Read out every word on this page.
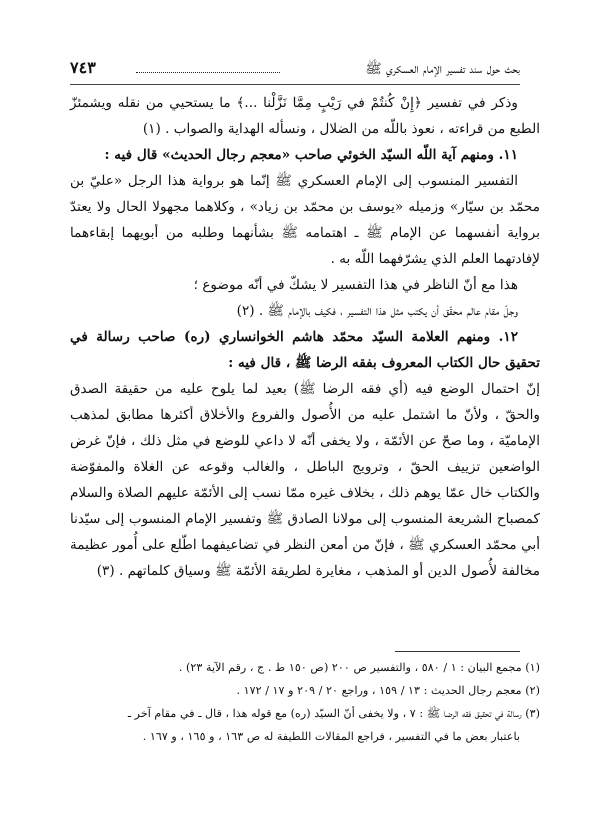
بحث حول سند تفسير الإمام العسكري ﷺ
٧٤٣

وذكر في تفسير ﴿إِنْ كُنتُمْ في رَيْبٍ مِمَّا نَزَّلْنا ...﴾ ما يستحيي من نقله ويشمئزّ الطبع من قراءته ، نعوذ باللّه من الضلال ، ونسأله الهداية والصواب . (١)

١١. ومنهم آية اللّه السيّد الخوئي صاحب «معجم رجال الحديث» قال فيه :

التفسير المنسوب إلى الإمام العسكري ﷺ إنّما هو برواية هذا الرجل «عليّ بن محمّد بن سيّار» وزميله «يوسف بن محمّد بن زياد» ، وكلاهما مجهولا الحال ولا يعتدّ برواية أنفسهما عن الإمام ﷺ ـ اهتمامه ﷺ بشأنهما وطلبه من أبويهما إبقاءهما لإفادتهما العلم الذي يشرّفهما اللّه به .

هذا مع أنّ الناظر في هذا التفسير لا يشكّ في أنّه موضوع ؛

وجلّ مقام عالم محقّق أن يكتب مثل هذا التفسير ، فكيف بالإمام ﷺ . (٢)

١٢. ومنهم العلامة السيّد محمّد هاشم الخوانساري (ره) صاحب رسالة في تحقيق حال الكتاب المعروف بفقه الرضا ﷺ ، قال فيه :

إنّ احتمال الوضع فيه (أي فقه الرضا ﷺ) بعيد لما يلوح عليه من حقيقة الصدق والحقّ ، ولأنّ ما اشتمل عليه من الأُصول والفروع والأخلاق أكثرها مطابق لمذهب الإماميّة ، وما صحّ عن الأئمّة ، ولا يخفى أنّه لا داعي للوضع في مثل ذلك ، فإنّ غرض الواضعين تزييف الحقّ ، وترويج الباطل ، والغالب وقوعه عن الغلاة والمفوّضة والكتاب خال عمّا يوهم ذلك ، بخلاف غيره ممّا نسب إلى الأئمّة عليهم الصلاة والسلام كمصباح الشريعة المنسوب إلى مولانا الصادق ﷺ وتفسير الإمام المنسوب إلى سيّدنا أبي محمّد العسكري ﷺ ، فإنّ من أمعن النظر في تضاعيفهما اطّلع على أُمور عظيمة مخالفة لأُصول الدين أو المذهب ، مغايرة لطريقة الأئمّة ﷺ وسياق كلماتهم . (٣)

(١) مجمع البيان : ١ / ٥٨٠ ، والتفسير ص ٢٠٠ (ص ١٥٠ ط . ج ، رقم الآية ٢٣) .

(٢) معجم رجال الحديث : ١٣ / ١٥٩ ، وراجع ٢٠ / ٢٠٩ و ١٧ / ١٧٢ .

(٣) رسالة في تحقيق فقه الرضا ﷺ : ٧ ، ولا يخفى أنّ السيّد (ره) مع قوله هذا ، قال ـ في مقام آخر ـ

باعتبار بعض ما في التفسير ، فراجع المقالات اللطيفة له ص ١٦٣ ، و ١٦٥ ، و ١٦٧ .
